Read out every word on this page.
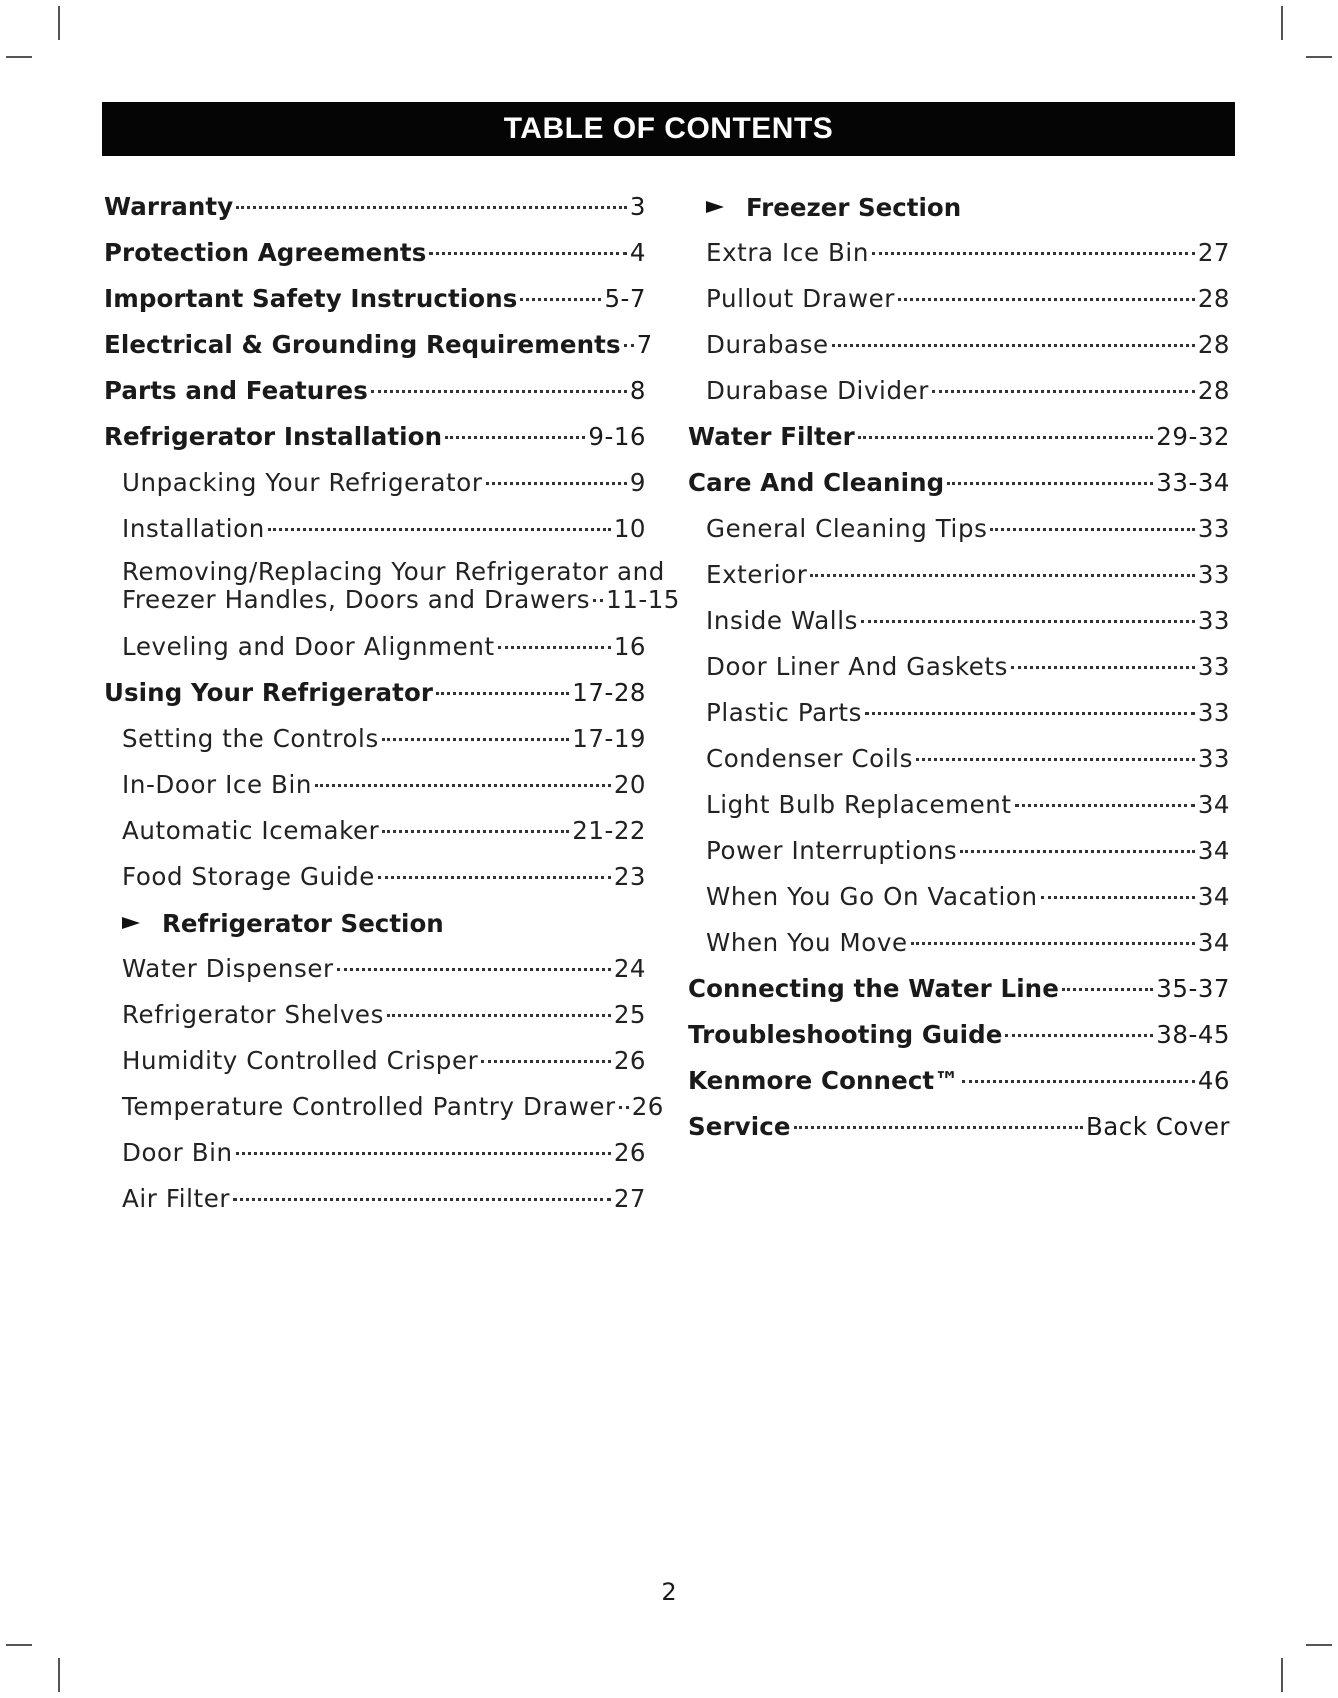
TABLE OF CONTENTS
Warranty	3
Protection Agreements	4
Important Safety Instructions	5-7
Electrical & Grounding Requirements 7
Parts and Features	8
Refrigerator Installation	9-16
Unpacking Your Refrigerator	9
Installation	10
Removing/Replacing Your Refrigerator and
Freezer Handles, Doors and Drawers 11-15
Leveling and Door Alignment	16
Using Your Refrigerator	17-28
Setting the Controls	17-19
In-Door Ice Bin	20
Automatic Icemaker	21-22
Food Storage Guide	23
Refrigerator Section
Water Dispenser	24
Refrigerator Shelves	25
Humidity Controlled Crisper	26
Temperature Controlled Pantry Drawer 26
Door Bin	26
Air Filter	27
Freezer Section
Extra Ice Bin	27
Pullout Drawer	28
Durabase	28
Durabase Divider	28
Water Filter	29-32
Care And Cleaning	33-34
General Cleaning Tips	33
Exterior	33
Inside Walls	33
Door Liner And Gaskets	33
Plastic Parts	33
Condenser Coils	33
Light Bulb Replacement	34
Power Interruptions	34
When You Go On Vacation	34
When You Move	34
Connecting the Water Line	35-37
Troubleshooting Guide	38-45
Kenmore Connect™	46
Service	Back Cover
2
